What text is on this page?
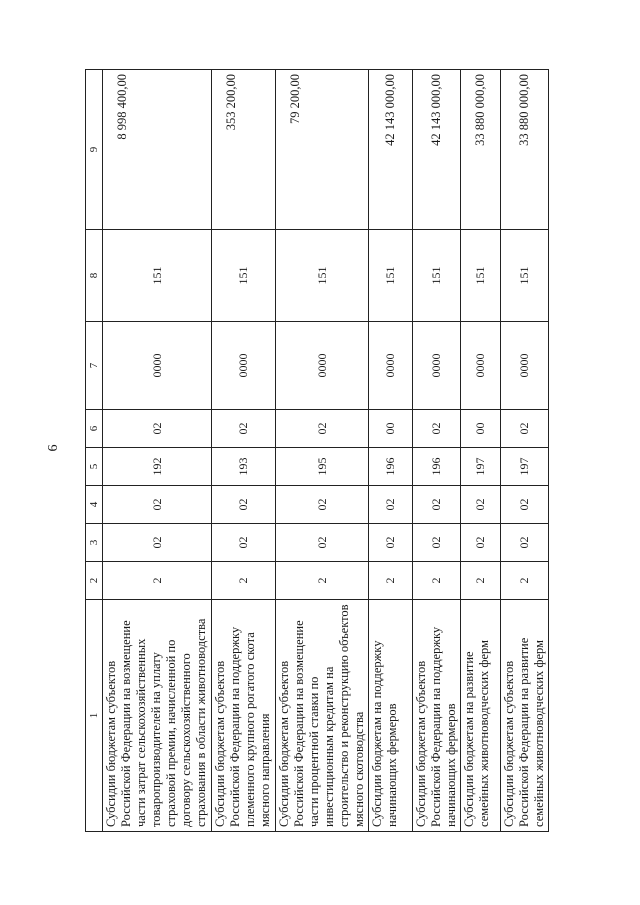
6
1	2	3	4	5	6	7	8	9
Субсидии бюджетам субъектов Российской Федерации на возмещение части затрат сельскохозяйственных товаропроизводителей на уплату страховой премии, начисленной по договору сельскохозяйственного страхования в области животноводства	2	02	02	192	02	0000	151	8 998 400,00
Субсидии бюджетам субъектов Российской Федерации на поддержку племенного крупного рогатого скота мясного направления	2	02	02	193	02	0000	151	353 200,00
Субсидии бюджетам субъектов Российской Федерации на возмещение части процентной ставки по инвестиционным кредитам на строительство и реконструкцию объектов мясного скотоводства	2	02	02	195	02	0000	151	79 200,00
Субсидии бюджетам на поддержку начинающих фермеров	2	02	02	196	00	0000	151	42 143 000,00
Субсидии бюджетам субъектов Российской Федерации на поддержку начинающих фермеров	2	02	02	196	02	0000	151	42 143 000,00
Субсидии бюджетам на развитие семейных животноводческих ферм	2	02	02	197	00	0000	151	33 880 000,00
Субсидии бюджетам субъектов Российской Федерации на развитие семейных животноводческих ферм	2	02	02	197	02	0000	151	33 880 000,00
